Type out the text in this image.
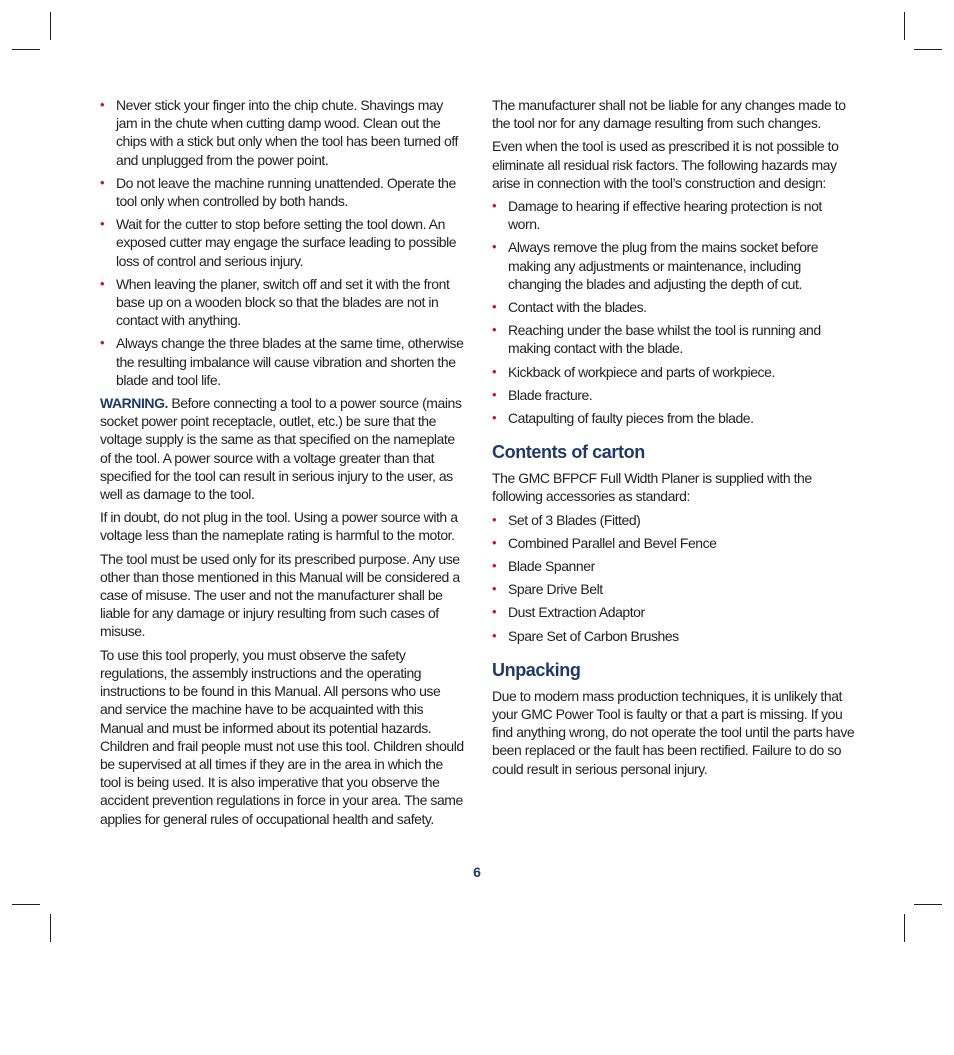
• Never stick your finger into the chip chute. Shavings may jam in the chute when cutting damp wood. Clean out the chips with a stick but only when the tool has been turned off and unplugged from the power point.
• Do not leave the machine running unattended. Operate the tool only when controlled by both hands.
• Wait for the cutter to stop before setting the tool down. An exposed cutter may engage the surface leading to possible loss of control and serious injury.
• When leaving the planer, switch off and set it with the front base up on a wooden block so that the blades are not in contact with anything.
• Always change the three blades at the same time, otherwise the resulting imbalance will cause vibration and shorten the blade and tool life.

WARNING. Before connecting a tool to a power source (mains socket power point receptacle, outlet, etc.) be sure that the voltage supply is the same as that specified on the nameplate of the tool. A power source with a voltage greater than that specified for the tool can result in serious injury to the user, as well as damage to the tool.

If in doubt, do not plug in the tool. Using a power source with a voltage less than the nameplate rating is harmful to the motor.

The tool must be used only for its prescribed purpose. Any use other than those mentioned in this Manual will be considered a case of misuse. The user and not the manufacturer shall be liable for any damage or injury resulting from such cases of misuse.

To use this tool properly, you must observe the safety regulations, the assembly instructions and the operating instructions to be found in this Manual. All persons who use and service the machine have to be acquainted with this Manual and must be informed about its potential hazards. Children and frail people must not use this tool. Children should be supervised at all times if they are in the area in which the tool is being used. It is also imperative that you observe the accident prevention regulations in force in your area. The same applies for general rules of occupational health and safety.

The manufacturer shall not be liable for any changes made to the tool nor for any damage resulting from such changes.

Even when the tool is used as prescribed it is not possible to eliminate all residual risk factors. The following hazards may arise in connection with the tool’s construction and design:

• Damage to hearing if effective hearing protection is not worn.
• Always remove the plug from the mains socket before making any adjustments or maintenance, including changing the blades and adjusting the depth of cut.
• Contact with the blades.
• Reaching under the base whilst the tool is running and making contact with the blade.
• Kickback of workpiece and parts of workpiece.
• Blade fracture.
• Catapulting of faulty pieces from the blade.
Contents of carton

The GMC BFPCF Full Width Planer is supplied with the following accessories as standard:

• Set of 3 Blades (Fitted)
• Combined Parallel and Bevel Fence
• Blade Spanner
• Spare Drive Belt
• Dust Extraction Adaptor
• Spare Set of Carbon Brushes
Unpacking

Due to modern mass production techniques, it is unlikely that your GMC Power Tool is faulty or that a part is missing. If you find anything wrong, do not operate the tool until the parts have been replaced or the fault has been rectified. Failure to do so could result in serious personal injury.

6
